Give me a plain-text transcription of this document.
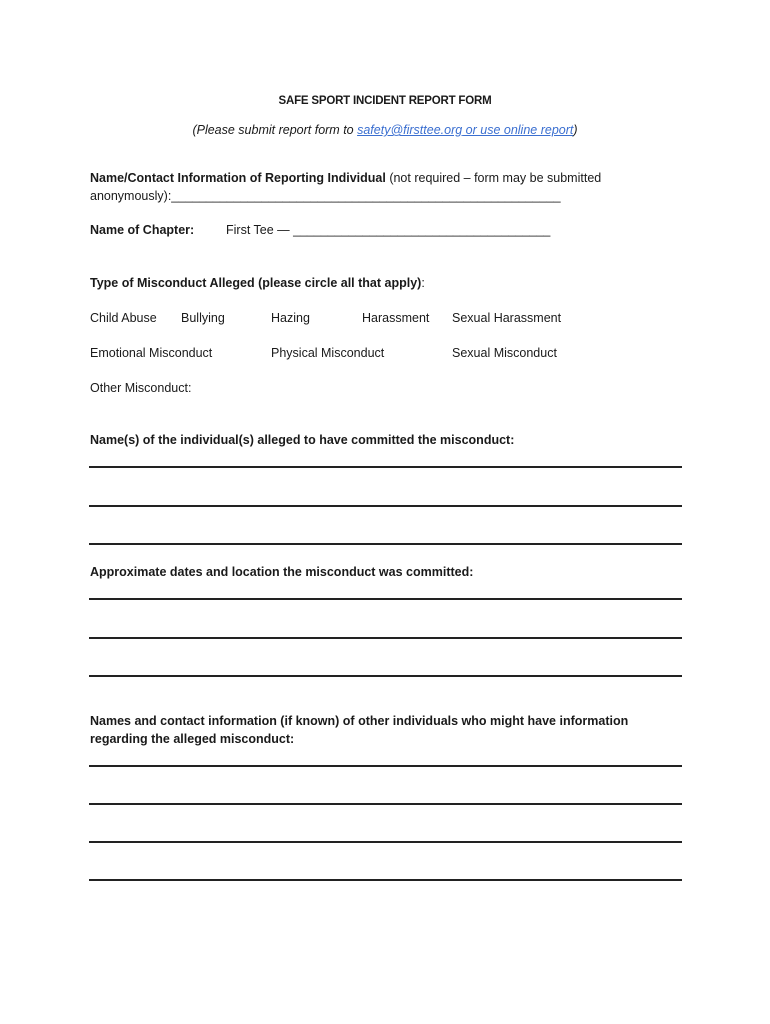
SAFE SPORT INCIDENT REPORT FORM

(Please submit report form to safety@firsttee.org or use online report)

Name/Contact Information of Reporting Individual (not required – form may be submitted

anonymously):________________________________________________________

Name of Chapter:	First Tee — _____________________________________

Type of Misconduct Alleged (please circle all that apply):

Child Abuse Bullying	Hazing	Harassment Sexual Harassment
Emotional Misconduct	Physical Misconduct	Sexual Misconduct
Other Misconduct:

Name(s) of the individual(s) alleged to have committed the misconduct:

Approximate dates and location the misconduct was committed:

Names and contact information (if known) of other individuals who might have information

regarding the alleged misconduct:
